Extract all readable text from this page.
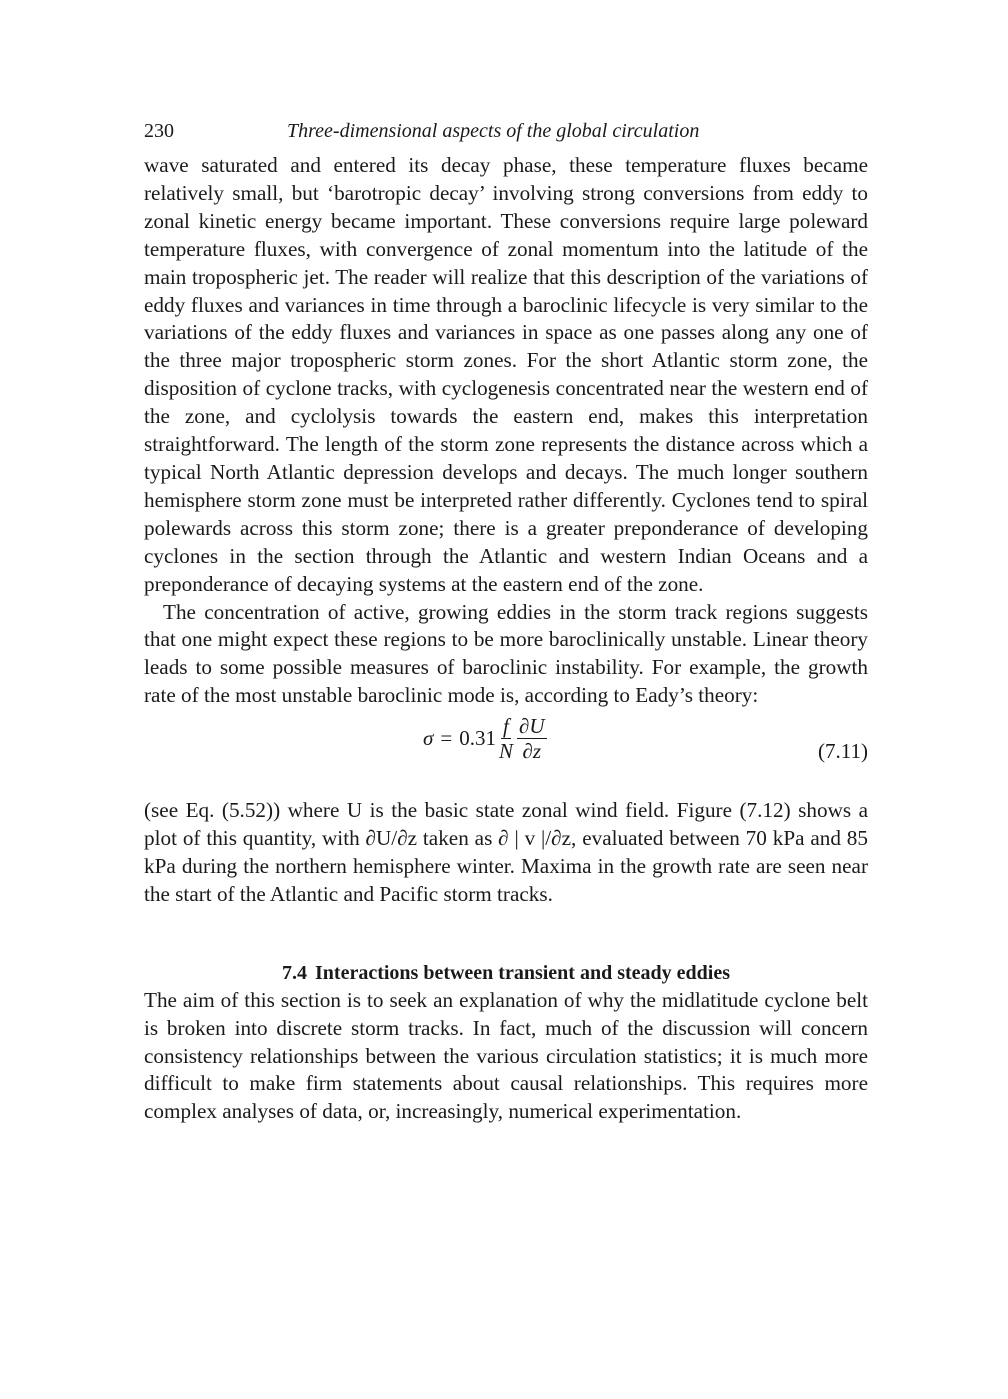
230	Three-dimensional aspects of the global circulation

wave saturated and entered its decay phase, these temperature fluxes became relatively small, but ‘barotropic decay’ involving strong conversions from eddy to zonal kinetic energy became important. These conversions require large poleward temperature fluxes, with convergence of zonal momentum into the latitude of the main tropospheric jet. The reader will realize that this description of the variations of eddy fluxes and variances in time through a baroclinic lifecycle is very similar to the variations of the eddy fluxes and variances in space as one passes along any one of the three major tropospheric storm zones. For the short Atlantic storm zone, the disposition of cyclone tracks, with cyclogenesis concentrated near the western end of the zone, and cyclolysis towards the eastern end, makes this interpretation straightforward. The length of the storm zone represents the distance across which a typical North Atlantic depression develops and decays. The much longer southern hemisphere storm zone must be interpreted rather differently. Cyclones tend to spiral polewards across this storm zone; there is a greater preponderance of developing cyclones in the section through the Atlantic and western Indian Oceans and a preponderance of decaying systems at the eastern end of the zone.

The concentration of active, growing eddies in the storm track regions suggests that one might expect these regions to be more baroclinically unstable. Linear theory leads to some possible measures of baroclinic instability. For example, the growth rate of the most unstable baroclinic mode is, according to Eady’s theory:

$\sigma = 0.31 \frac{f}{N} \frac{\partial U}{\partial z}$	(7.11)

(see Eq. (5.52)) where U is the basic state zonal wind field. Figure (7.12) shows a plot of this quantity, with ∂U/∂z taken as ∂ | v |/∂z, evaluated between 70 kPa and 85 kPa during the northern hemisphere winter. Maxima in the growth rate are seen near the start of the Atlantic and Pacific storm tracks.

7.4 Interactions between transient and steady eddies

The aim of this section is to seek an explanation of why the midlatitude cyclone belt is broken into discrete storm tracks. In fact, much of the discussion will concern consistency relationships between the various circulation statistics; it is much more difficult to make firm statements about causal relationships. This requires more complex analyses of data, or, increasingly, numerical experimentation.
